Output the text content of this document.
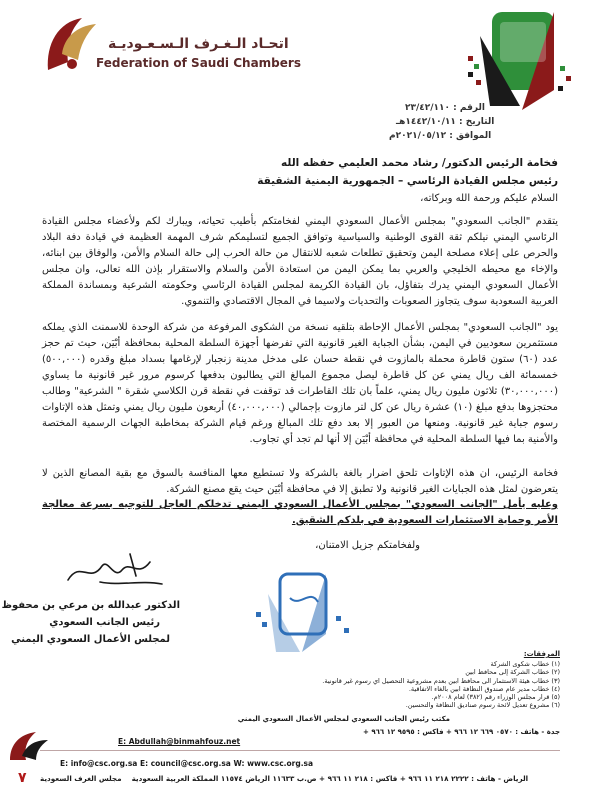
اتحـاد الـغـرف الـسـعـوديـة
Federation of Saudi Chambers
الرقم : ٢٣/٤٢/١١٠
التاريخ : ١٤٤٢/١٠/١١هـ
الموافق : ٢٠٢١/٠٥/١٢م
فخامة الرئيس الدكتور/ رشاد محمد العليمي حفظه الله
رئيس مجلس القيادة الرئاسي – الجمهورية اليمنية الشقيقة
السلام عليكم ورحمة الله وبركاته،
يتقدم "الجانب السعودي" بمجلس الأعمال السعودي اليمني لفخامتكم بأطيب تحياته، ويبارك لكم ولأعضاء مجلس القيادة الرئاسي اليمني نيلكم ثقة القوى الوطنية والسياسية وتوافق الجميع لتسليمكم شرف المهمة العظيمة في قيادة دفة البلاد والحرص على إعلاء مصلحة اليمن وتحقيق تطلعات شعبه للانتقال من حالة الحرب إلى حالة السلام والأمن، والوفاق بين ابنائه، والإخاء مع محيطه الخليجي والعربي بما يمكن اليمن من استعادة الأمن والسلام والاستقرار بإذن الله تعالى، وان مجلس الأعمال السعودي اليمني يدرك بتفاؤل، بان القيادة الكريمة لمجلس القيادة الرئاسي وحكومته الشرعية وبمساندة المملكة العربية السعودية سوف يتجاوز الصعوبات والتحديات ولاسيما في المجال الاقتصادي والتنموي.
يود "الجانب السعودي" بمجلس الأعمال الإحاطة بتلقيه نسخة من الشكوى المرفوعة من شركة الوحدة للاسمنت الذي يملكه مستثمرين سعوديين في اليمن، بشأن الجباية الغير قانونية التي تفرضها أجهزة السلطة المحلية بمحافظة أبْيَن، حيث تم حجز عدد (٦٠) ستون قاطرة محملة بالمازوت في نقطة حسان على مدخل مدينة زنجبار لإرغامها بسداد مبلغ وقدره (٥٠٠,٠٠٠) خمسمائة الف ريال يمني عن كل قاطرة ليصل مجموع المبالغ التي يطالبون بدفعها كرسوم مرور غير قانونية ما يساوي (٣٠,٠٠٠,٠٠٠) ثلاثون مليون ريال يمني، علماً بان تلك القاطرات قد توقفت في نقطة قرن الكلاسي شقرة " الشرعية" وطالب محتجزوها بدفع مبلغ (١٠) عشرة ريال عن كل لتر مازوت بإجمالي (٤٠,٠٠٠,٠٠٠) أربعون مليون ريال يمني وتمثل هذه الإتاوات رسوم جباية غير قانونية. ومنعها من العبور إلا بعد دفع تلك المبالغ ورغم قيام الشركة بمخاطبة الجهات الرسمية المختصة والأمنية بما فيها السلطة المحلية في محافظة أبْيَن إلا أنها لم تجد أي تجاوب.
فخامة الرئيس، ان هذه الإتاوات تلحق اضرار بالغة بالشركة ولا تستطيع معها المنافسة بالسوق مع بقية المصانع الذين لا يتعرضون لمثل هذه الجبايات الغير قانونية ولا تطبق إلا في محافظة أبْيَن حيث يقع مصنع الشركة.
وعليه يأمل "الجانب السعودي" بمجلس الأعمال السعودي اليمني تدخلكم العاجل للتوجيه بسرعة معالجة الأمر وحماية الاستثمارات السعودية في بلدكم الشقيق.
ولفخامتكم جزيل الامتنان،
الدكتور عبدالله بن مرعي بن محفوظ
رئيس الجانب السعودي
لمجلس الأعمال السعودي اليمني
المرفقات:
(١) خطاب شكوى الشركة
(٢) خطاب الشركة إلى محافظ ابين
(٣) خطاب هيئة الاستثمار الى محافظ ابين بعدم مشروعية التحصيل اي رسوم غير قانونية.
(٤) خطاب مدير عام صندوق النظافة ابين بالغاء الاتفاقية.
(٥) قرار مجلس الوزراء رقم (٣٨٢) لعام ٢٠٠٨م.
(٦) مشروع تعديل لائحة رسوم صناديق النظافة والتحسين.
مكتب رئيس الجانب السعودي لمجلس الأعمال السعودي اليمني
جدة - هاتف : ٠٥٧٠ ٦٦٩ ١٢ ٩٦٦ + فاكس : ٩٥٩٥ ١٢ ٩٦٦ +
E: Abdullah@binmahfouz.net
E: info@csc.org.sa E: council@csc.org.sa W: www.csc.org.sa
الرياض - هاتف : ٢٢٢٢ ٢١٨ ١١ ٩٦٦ + فاكس : ٢١٨ ١١ ٩٦٦ + ص.ب ١١٦٣٣ الرياض ١١٥٧٤ المملكة العربية السعودية    مجلس الغرف السعودية
٧
